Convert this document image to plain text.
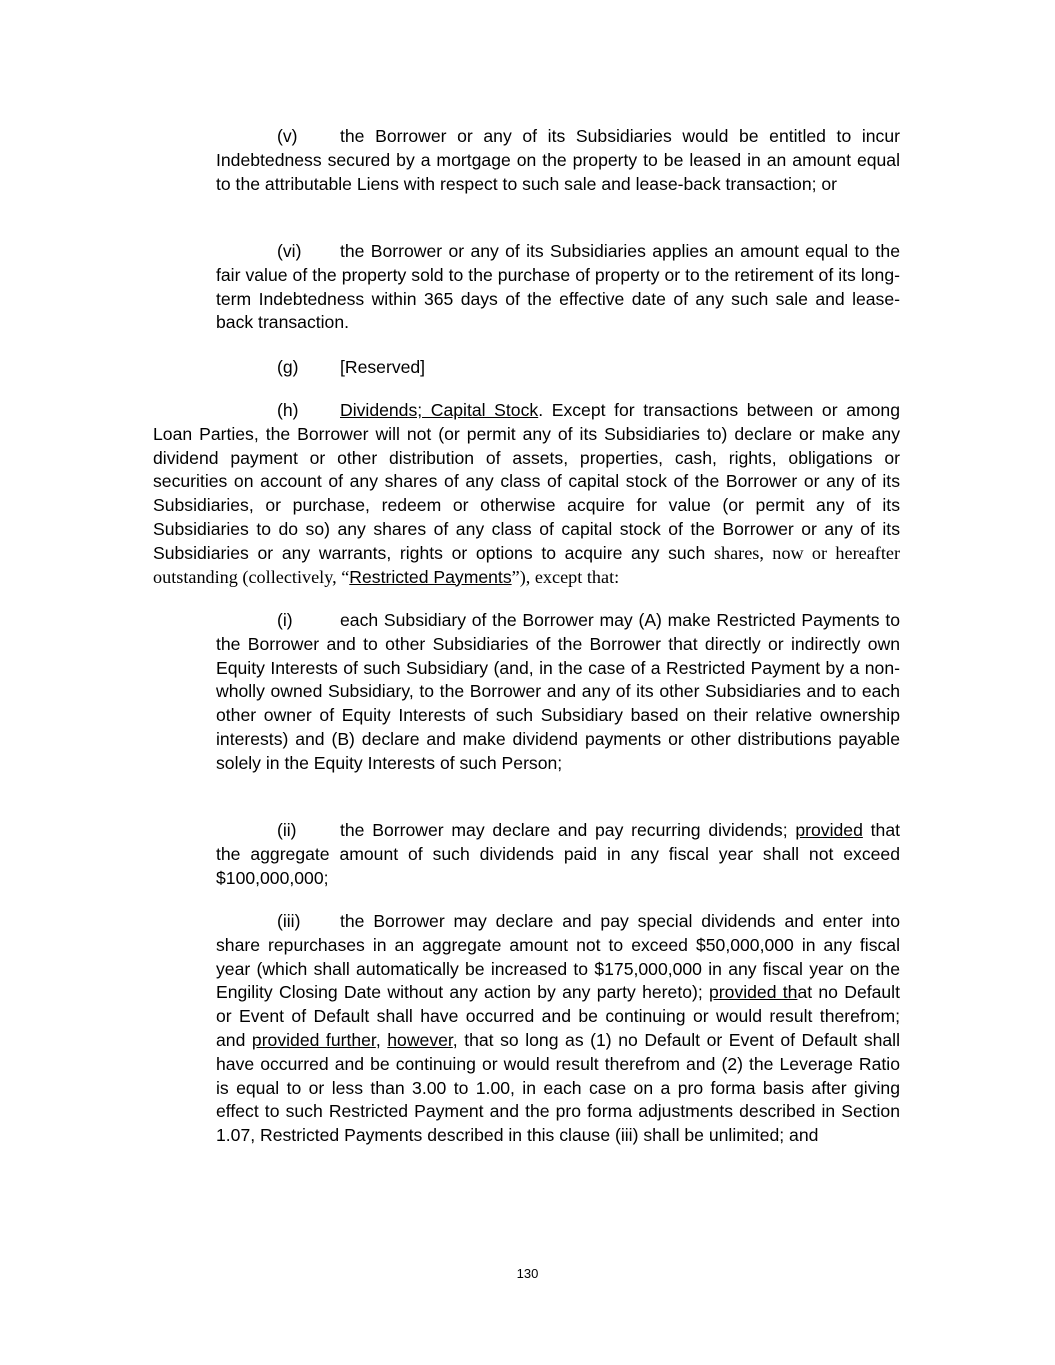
(v) the Borrower or any of its Subsidiaries would be entitled to incur Indebtedness secured by a mortgage on the property to be leased in an amount equal to the attributable Liens with respect to such sale and lease-back transaction; or

(vi) the Borrower or any of its Subsidiaries applies an amount equal to the fair value of the property sold to the purchase of property or to the retirement of its long-term Indebtedness within 365 days of the effective date of any such sale and lease-back transaction.

(g) [Reserved]

(h) Dividends; Capital Stock. Except for transactions between or among Loan Parties, the Borrower will not (or permit any of its Subsidiaries to) declare or make any dividend payment or other distribution of assets, properties, cash, rights, obligations or securities on account of any shares of any class of capital stock of the Borrower or any of its Subsidiaries, or purchase, redeem or otherwise acquire for value (or permit any of its Subsidiaries to do so) any shares of any class of capital stock of the Borrower or any of its Subsidiaries or any warrants, rights or options to acquire any such shares, now or hereafter outstanding (collectively, “Restricted Payments”), except that:

(i)	each Subsidiary of the Borrower may (A) make Restricted Payments to the Borrower and to other Subsidiaries of the Borrower that directly or indirectly own Equity Interests of such Subsidiary (and, in the case of a Restricted Payment by a non-wholly owned Subsidiary, to the Borrower and any of its other Subsidiaries and to each other owner of Equity Interests of such Subsidiary based on their relative ownership interests) and (B) declare and make dividend payments or other distributions payable solely in the Equity Interests of such Person;

(ii) the Borrower may declare and pay recurring dividends; provided that the aggregate amount of such dividends paid in any fiscal year shall not exceed $100,000,000;

(iii) the Borrower may declare and pay special dividends and enter into share repurchases in an aggregate amount not to exceed $50,000,000 in any fiscal year (which shall automatically be increased to $175,000,000 in any fiscal year on the Engility Closing Date without any action by any party hereto); provided that no Default or Event of Default shall have occurred and be continuing or would result therefrom; and provided further, however, that so long as (1) no Default or Event of Default shall have occurred and be continuing or would result therefrom and (2) the Leverage Ratio is equal to or less than 3.00 to 1.00, in each case on a pro forma basis after giving effect to such Restricted Payment and the pro forma adjustments described in Section 1.07, Restricted Payments described in this clause (iii) shall be unlimited; and

130
